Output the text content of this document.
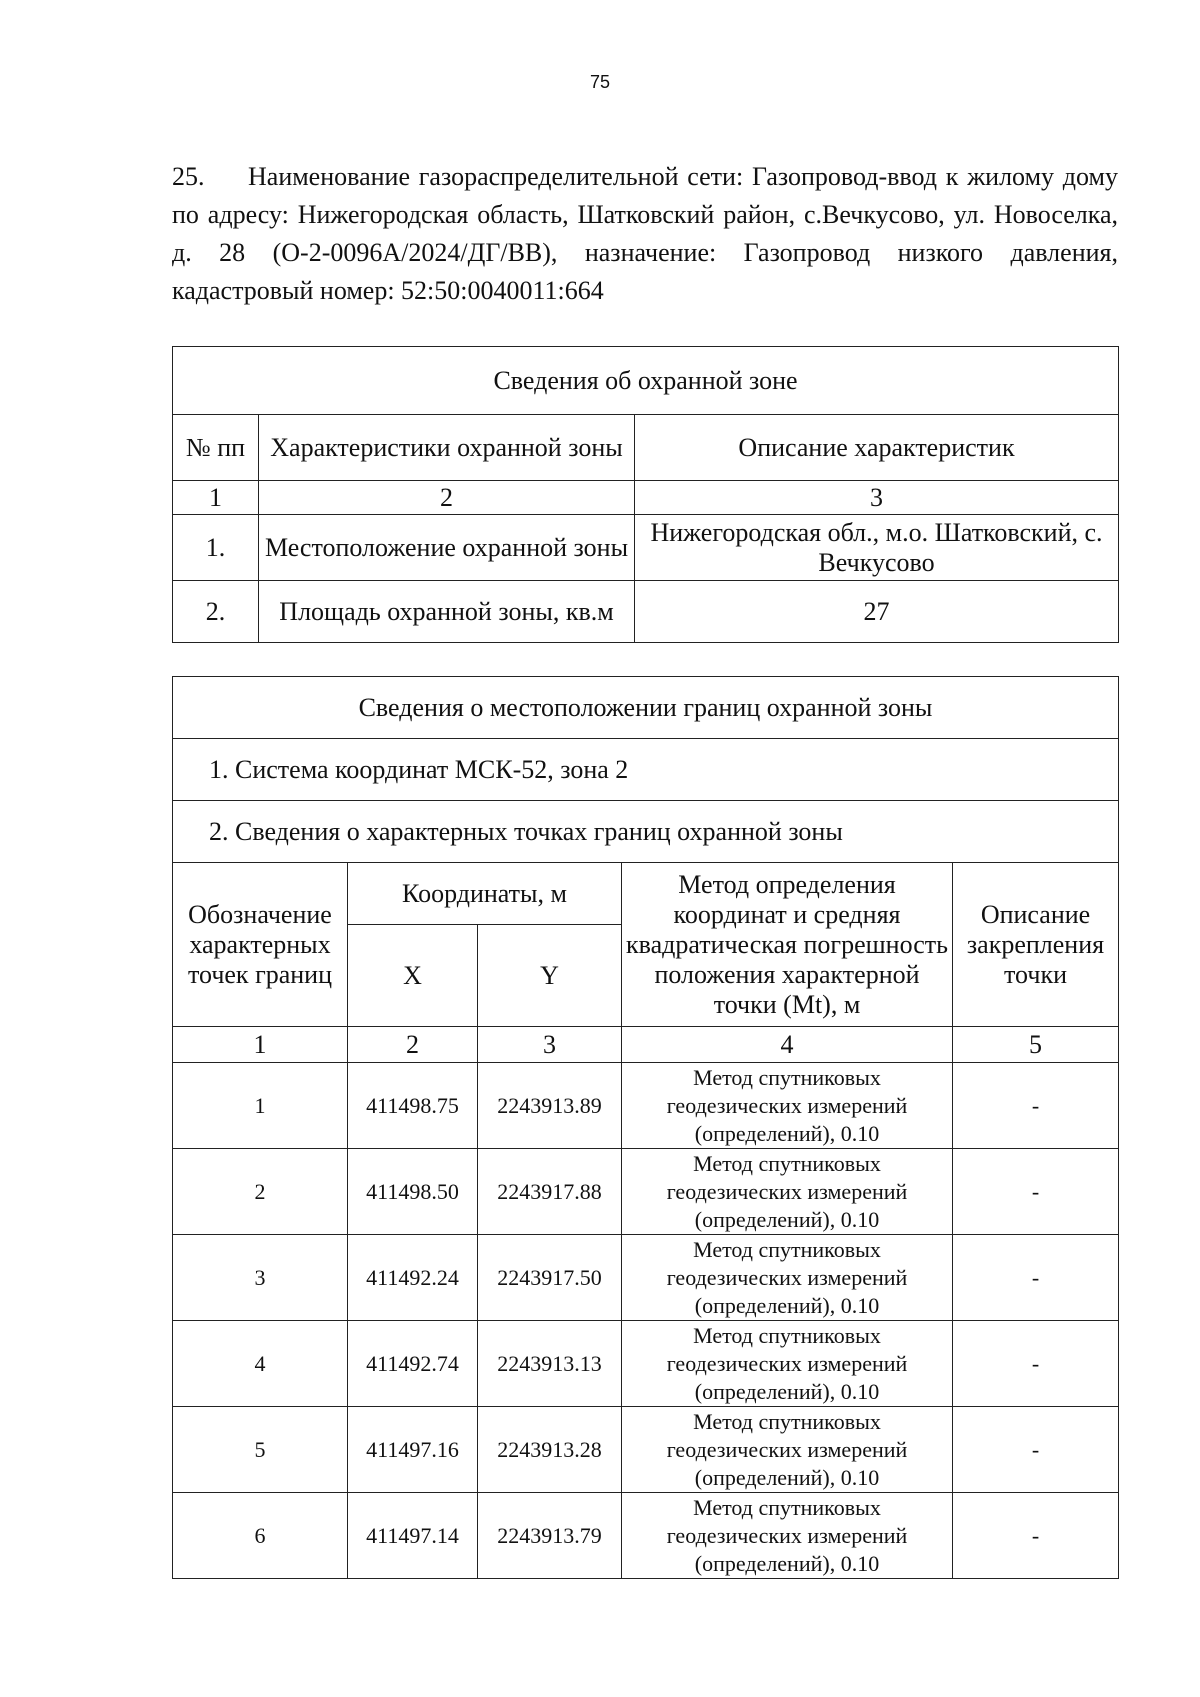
75
25. Наименование газораспределительной сети: Газопровод-ввод к жилому дому по адресу: Нижегородская область, Шатковский район, с.Вечкусово, ул. Новоселка, д. 28 (О-2-0096А/2024/ДГ/ВВ), назначение: Газопровод низкого давления, кадастровый номер: 52:50:0040011:664
Сведения об охранной зоне		
№ пп	Характеристики охранной зоны	Описание характеристик
1	2	3
1.	Местоположение охранной зоны	Нижегородская обл., м.о. Шатковский, с. Вечкусово
2.	Площадь охранной зоны, кв.м	27
Сведения о местоположении границ охранной зоны				
1. Система координат МСК-52, зона 2				
2. Сведения о характерных точках границ охранной зоны				
Обозначение характерных точек границ	Координаты, м		Метод определения координат и средняя квадратическая погрешность положения характерной точки (Mt), м	Описание закрепления точки
	X	Y		
1	2	3	4	5
1	411498.75	2243913.89	Метод спутниковых геодезических измерений (определений), 0.10	-
2	411498.50	2243917.88	Метод спутниковых геодезических измерений (определений), 0.10	-
3	411492.24	2243917.50	Метод спутниковых геодезических измерений (определений), 0.10	-
4	411492.74	2243913.13	Метод спутниковых геодезических измерений (определений), 0.10	-
5	411497.16	2243913.28	Метод спутниковых геодезических измерений (определений), 0.10	-
6	411497.14	2243913.79	Метод спутниковых геодезических измерений (определений), 0.10	-
